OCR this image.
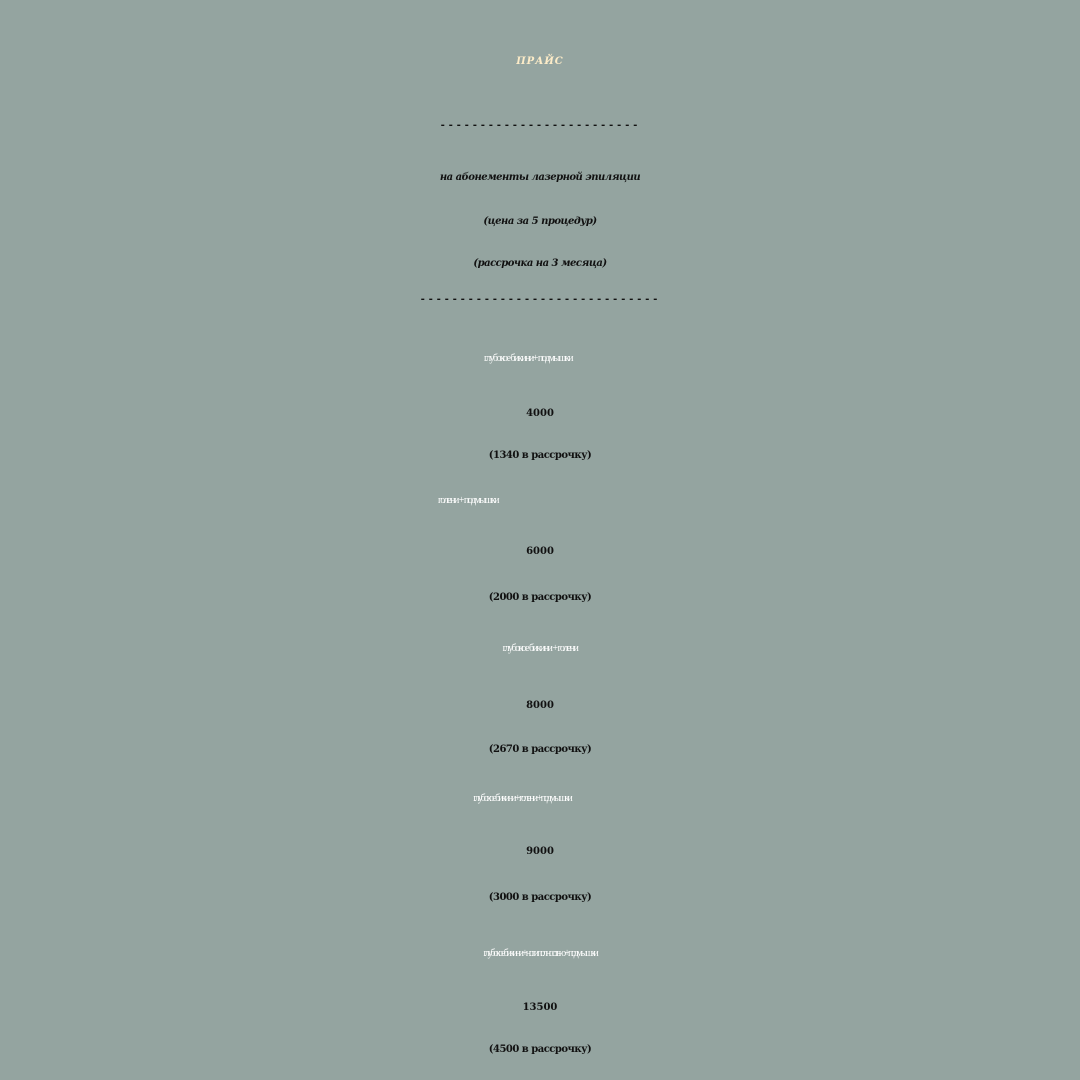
ПРАЙС
-------------------------
на абонементы лазерной эпиляции
(цена за 5 процедур)
(рассрочка на 3 месяца)
------------------------------
глубокое бикини+ подмышки
4000
(1340 в рассрочку)
голени + подмышки
6000
(2000 в рассрочку)
глубокое бикини + голени
8000
(2670 в рассрочку)
глубокое бикини + голени + подмышки
9000
(3000 в рассрочку)
глубокое бикини + ноги полностью + подмышки
13500
(4500 в рассрочку)
